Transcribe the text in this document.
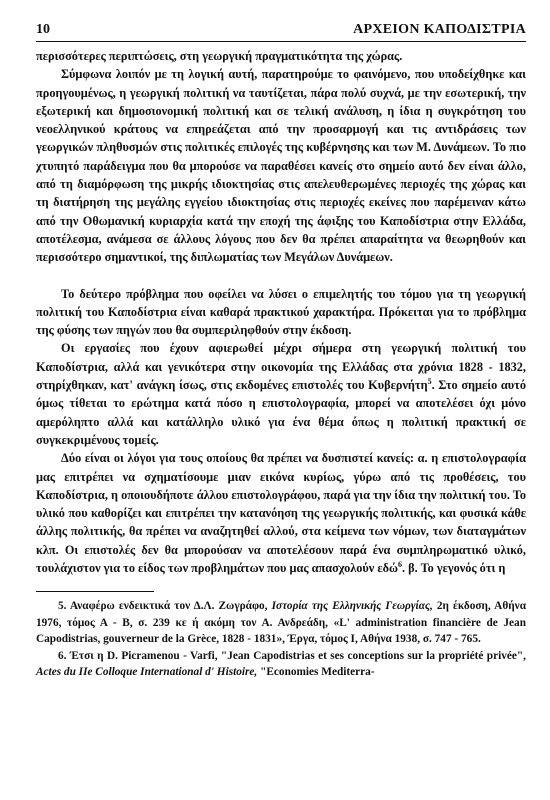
10	ΑΡΧΕΙΟΝ ΚΑΠΟΔΙΣΤΡΙΑ

περισσότερες περιπτώσεις, στη γεωργική πραγματικότητα της χώρας.

Σύμφωνα λοιπόν με τη λογική αυτή, παρατηρούμε το φαινόμενο, που υποδείχθηκε και προηγουμένως, η γεωργική πολιτική να ταυτίζεται, πάρα πολύ συχνά, με την εσωτερική, την εξωτερική και δημοσιονομική πολιτική και σε τελική ανάλυση, η ίδια η συγκρότηση του νεοελληνικού κράτους να επηρεάζεται από την προσαρμογή και τις αντιδράσεις των γεωργικών πληθυσμών στις πολιτικές επιλογές της κυβέρνησης και των Μ. Δυνάμεων. Το πιο χτυπητό παράδειγμα που θα μπορούσε να παραθέσει κανείς στο σημείο αυτό δεν είναι άλλο, από τη διαμόρφωση της μικρής ιδιοκτησίας στις απελευθερωμένες περιοχές της χώρας και τη διατήρηση της μεγάλης εγγείου ιδιοκτησίας στις περιοχές εκείνες που παρέμειναν κάτω από την Οθωμανική κυριαρχία κατά την εποχή της άφιξης του Καποδίστρια στην Ελλάδα, αποτέλεσμα, ανάμεσα σε άλλους λόγους που δεν θα πρέπει απαραίτητα να θεωρηθούν και περισσότερο σημαντικοί, της διπλωματίας των Μεγάλων Δυνάμεων.

Το δεύτερο πρόβλημα που οφείλει να λύσει ο επιμελητής του τόμου για τη γεωργική πολιτική του Καποδίστρια είναι καθαρά πρακτικού χαρακτήρα. Πρόκειται για το πρόβλημα της φύσης των πηγών που θα συμπεριληφθούν στην έκδοση.

Οι εργασίες που έχουν αφιερωθεί μέχρι σήμερα στη γεωργική πολιτική του Καποδίστρια, αλλά και γενικότερα στην οικονομία της Ελλάδας στα χρόνια 1828 - 1832, στηρίχθηκαν, κατ' ανάγκη ίσως, στις εκδομένες επιστολές του Κυβερνήτη$^5$. Στο σημείο αυτό όμως τίθεται το ερώτημα κατά πόσο η επιστολογραφία, μπορεί να αποτελέσει όχι μόνο αμερόληπτο αλλά και κατάλληλο υλικό για ένα θέμα όπως η πολιτική πρακτική σε συγκεκριμένους τομείς.

Δύο είναι οι λόγοι για τους οποίους θα πρέπει να δυσπιστεί κανείς: α. η επιστολογραφία μας επιτρέπει να σχηματίσουμε μιαν εικόνα κυρίως, γύρω από τις προθέσεις, του Καποδίστρια, η οποιουδήποτε άλλου επιστολογράφου, παρά για την ίδια την πολιτική του. Το υλικό που καθορίζει και επιτρέπει την κατανόηση της γεωργικής πολιτικής, και φυσικά κάθε άλλης πολιτικής, θα πρέπει να αναζητηθεί αλλού, στα κείμενα των νόμων, των διαταγμάτων κλπ. Οι επιστολές δεν θα μπορούσαν να αποτελέσουν παρά ένα συμπληρωματικό υλικό, τουλάχιστον για το είδος των προβλημάτων που μας απασχολούν εδώ$^6$. β. Το γεγονός ότι η

5. Αναφέρω ενδεικτικά τον Δ.Λ. Ζωγράφο, Ιστορία της Ελληνικής Γεωργίας, 2η έκδοση, Αθήνα 1976, τόμος Α - Β, σ. 239 κε ή ακόμη τον Α. Ανδρεάδη, «L' administration financière de Jean Capodistrias, gouverneur de la Grèce, 1828 - 1831», Έργα, τόμος Ι, Αθήνα 1938, σ. 747 - 765.

6. Έτσι η D. Picramenou - Varfi, "Jean Capodistrias et ses conceptions sur la propriété privée", Actes du IIe Colloque International d' Histoire, "Economies Mediterra-
